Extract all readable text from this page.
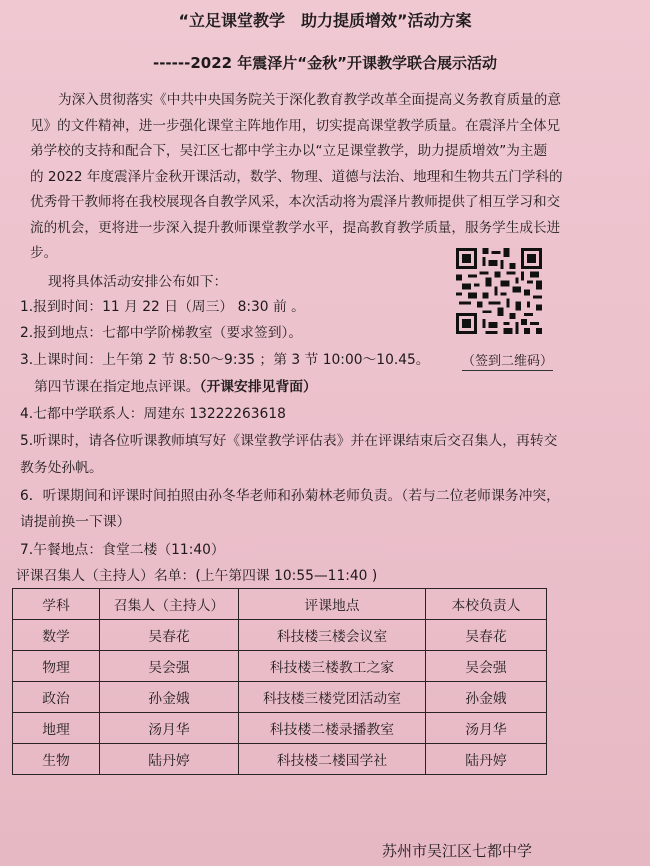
“立足课堂教学　助力提质增效”活动方案
------2022 年震泽片“金秋”开课教学联合展示活动

为深入贯彻落实《中共中央国务院关于深化教育教学改革全面提高义务教育质量的意

见》的文件精神，进一步强化课堂主阵地作用，切实提高课堂教学质量。在震泽片全体兄

弟学校的支持和配合下，吴江区七都中学主办以“立足课堂教学，助力提质增效”为主题

的 2022 年度震泽片金秋开课活动，数学、物理、道德与法治、地理和生物共五门学科的

优秀骨干教师将在我校展现各自教学风采，本次活动将为震泽片教师提供了相互学习和交

流的机会，更将进一步深入提升教师课堂教学水平，提高教育教学质量，服务学生成长进

步。

现将具体活动安排公布如下：
1.报到时间：11 月 22 日（周三） 8:30 前 。
2.报到地点：七都中学阶梯教室（要求签到）。
3.上课时间：上午第 2 节 8:50～9:35 ；第 3 节 10:00～10.45。
第四节课在指定地点评课。（开课安排见背面）
4.七都中学联系人：周建东 13222263618
5.听课时，请各位听课教师填写好《课堂教学评估表》并在评课结束后交召集人，再转交
教务处孙帆。
6．听课期间和评课时间拍照由孙冬华老师和孙菊林老师负责。（若与二位老师课务冲突，
请提前换一下课）
7.午餐地点：食堂二楼（11:40）
（签到二维码）
评课召集人（主持人）名单：(上午第四课 10:55—11:40 )
学科	召集人（主持人）	评课地点	本校负责人
数学	吴春花	科技楼三楼会议室	吴春花
物理	吴会强	科技楼三楼教工之家	吴会强
政治	孙金娥	科技楼三楼党团活动室	孙金娥
地理	汤月华	科技楼二楼录播教室	汤月华
生物	陆丹婷	科技楼二楼国学社	陆丹婷
苏州市吴江区七都中学
